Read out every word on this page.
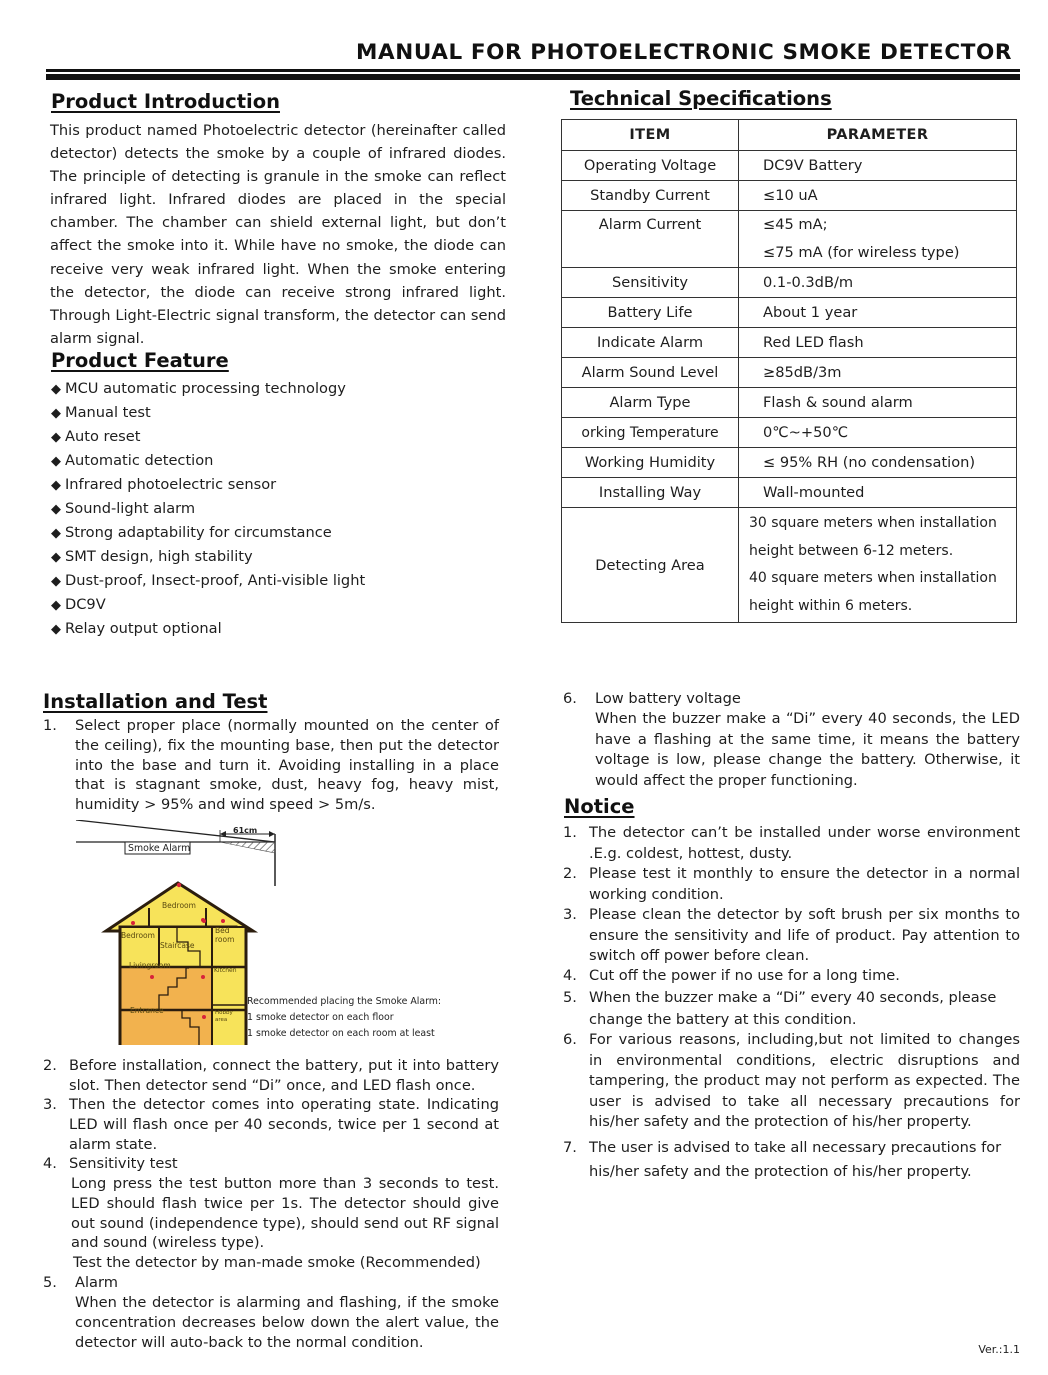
MANUAL FOR PHOTOELECTRONIC SMOKE DETECTOR
Product Introduction
This product named Photoelectric detector (hereinafter called detector) detects the smoke by a couple of infrared diodes. The principle of detecting is granule in the smoke can reflect infrared light. Infrared diodes are placed in the special chamber. The chamber can shield external light, but don’t affect the smoke into it. While have no smoke, the diode can receive very weak infrared light. When the smoke entering the detector, the diode can receive strong infrared light. Through Light-Electric signal transform, the detector can send alarm signal.
Product Feature
◆ MCU automatic processing technology
◆ Manual test
◆ Auto reset
◆ Automatic detection
◆ Infrared photoelectric sensor
◆ Sound-light alarm
◆ Strong adaptability for circumstance
◆ SMT design, high stability
◆ Dust-proof, Insect-proof, Anti-visible light
◆ DC9V
◆ Relay output optional
Technical Specifications
ITEM	PARAMETER
Operating Voltage	DC9V Battery
Standby Current	≤10 uA
Alarm Current	≤45 mA;
≤75 mA (for wireless type)

Sensitivity	0.1-0.3dB/m
Battery Life	About 1 year
Indicate Alarm	Red LED flash
Alarm Sound Level	≥85dB/3m
Alarm Type	Flash & sound alarm
orking Temperature	0℃~+50℃
Working Humidity	≤ 95% RH (no condensation)
Installing Way	Wall-mounted
Detecting Area	30 square meters when installation
height between 6-12 meters.
40 square meters when installation
height within 6 meters.
Installation and Test
1. Select proper place (normally mounted on the center of the ceiling), fix the mounting base, then put the detector into the base and turn it. Avoiding installing in a place that is stagnant smoke, dust, heavy fog, heavy mist, humidity > 95% and wind speed > 5m/s.
61cm
Smoke Alarm
Bedroom
Bedroom
Bed room
Staircase
Livingroom
Kitchen
Entrance	Hobby area
Recommended placing the Smoke Alarm:
1 smoke detector on each floor
1 smoke detector on each room at least
2. Before installation, connect the battery, put it into battery slot. Then detector send “Di” once, and LED flash once.
3. Then the detector comes into operating state. Indicating LED will flash once per 40 seconds, twice per 1 second at alarm state.
4. Sensitivity test
Long press the test button more than 3 seconds to test. LED should flash twice per 1s. The detector should give out sound (independence type), should send out RF signal and sound (wireless type).
Test the detector by man-made smoke (Recommended)
5. Alarm
When the detector is alarming and flashing, if the smoke concentration decreases below down the alert value, the detector will auto-back to the normal condition.
6. Low battery voltage
When the buzzer make a “Di” every 40 seconds, the LED have a flashing at the same time, it means the battery voltage is low, please change the battery. Otherwise, it would affect the proper functioning.
Notice
1. The detector can’t be installed under worse environment .E.g. coldest, hottest, dusty.
2. Please test it monthly to ensure the detector in a normal working condition.
3. Please clean the detector by soft brush per six months to ensure the sensitivity and life of product. Pay attention to switch off power before clean.
4. Cut off the power if no use for a long time.
5. When the buzzer make a “Di” every 40 seconds, please change the battery at this condition.
6. For various reasons, including,but not limited to changes in environmental conditions, electric disruptions and tampering, the product may not perform as expected. The user is advised to take all necessary precautions for his/her safety and the protection of his/her property.
7. The user is advised to take all necessary precautions for his/her safety and the protection of his/her property.
Ver.:1.1
